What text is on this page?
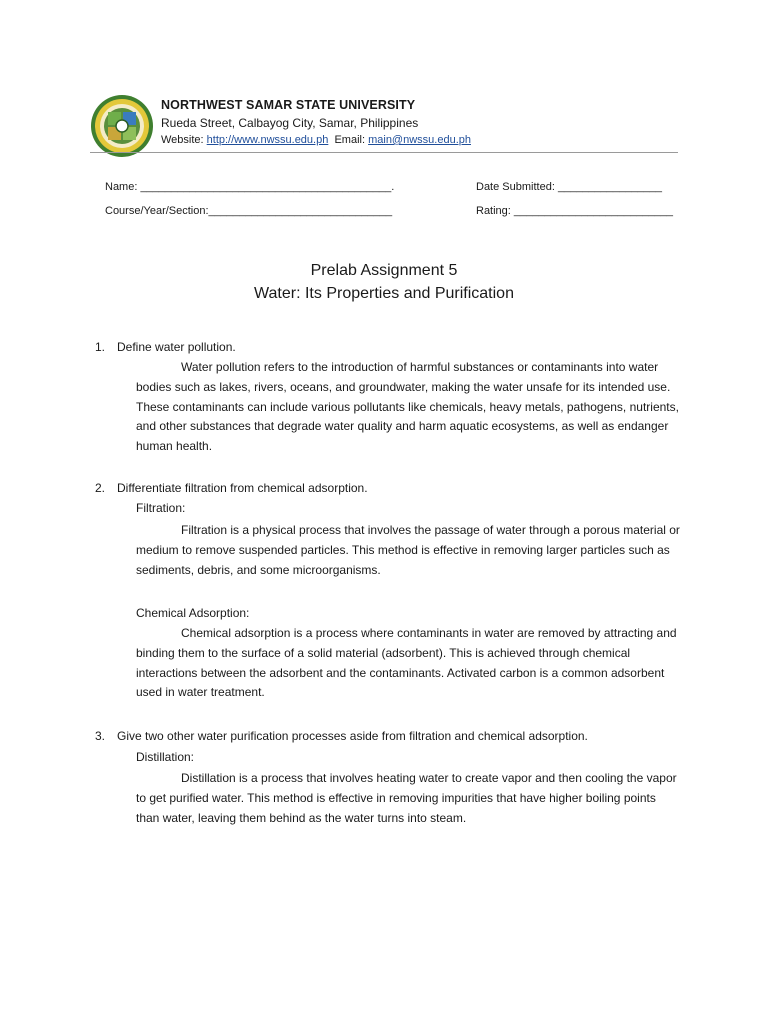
NORTHWEST SAMAR STATE UNIVERSITY
Rueda Street, Calbayog City, Samar, Philippines
Website: http://www.nwssu.edu.ph Email: main@nwssu.edu.ph
Name: _________________________________________.	Date Submitted: _________________
Course/Year/Section:______________________________	Rating: __________________________
Prelab Assignment 5
Water: Its Properties and Purification
1. Define water pollution.
Water pollution refers to the introduction of harmful substances or contaminants into water bodies such as lakes, rivers, oceans, and groundwater, making the water unsafe for its intended use. These contaminants can include various pollutants like chemicals, heavy metals, pathogens, nutrients, and other substances that degrade water quality and harm aquatic ecosystems, as well as endanger human health.
2. Differentiate filtration from chemical adsorption.
Filtration:
Filtration is a physical process that involves the passage of water through a porous material or medium to remove suspended particles. This method is effective in removing larger particles such as sediments, debris, and some microorganisms.
Chemical Adsorption:
Chemical adsorption is a process where contaminants in water are removed by attracting and binding them to the surface of a solid material (adsorbent). This is achieved through chemical interactions between the adsorbent and the contaminants. Activated carbon is a common adsorbent used in water treatment.
3. Give two other water purification processes aside from filtration and chemical adsorption.
Distillation:
Distillation is a process that involves heating water to create vapor and then cooling the vapor to get purified water. This method is effective in removing impurities that have higher boiling points than water, leaving them behind as the water turns into steam.
